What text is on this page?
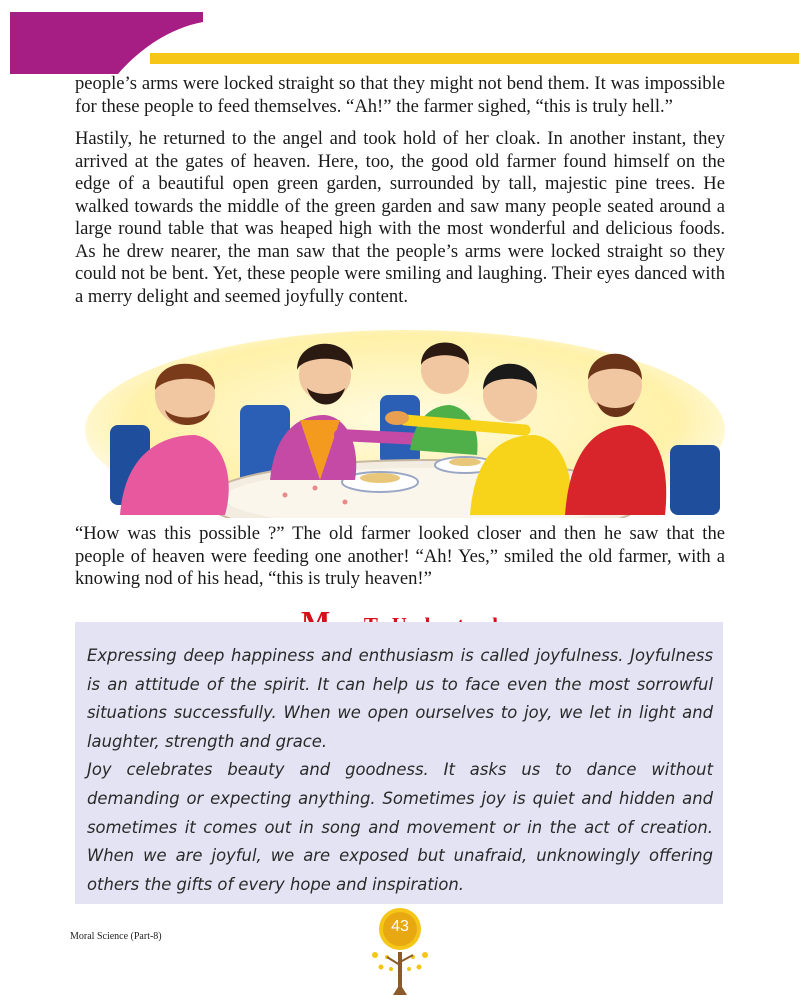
people’s arms were locked straight so that they might not bend them. It was impossible for these people to feed themselves. “Ah!” the farmer sighed, “this is truly hell.”

Hastily, he returned to the angel and took hold of her cloak. In another instant, they arrived at the gates of heaven. Here, too, the good old farmer found himself on the edge of a beautiful open green garden, surrounded by tall, majestic pine trees. He walked towards the middle of the green garden and saw many people seated around a large round table that was heaped high with the most wonderful and delicious foods. As he drew nearer, the man saw that the people’s arms were locked straight so they could not be bent. Yet, these people were smiling and laughing. Their eyes danced with a merry delight and seemed joyfully content.

“How was this possible ?” The old farmer looked closer and then he saw that the people of heaven were feeding one another! “Ah! Yes,” smiled the old farmer, with a knowing nod of his head, “this is truly heaven!”

Expressing deep happiness and enthusiasm is called joyfulness. Joyfulness is an attitude of the spirit. It can help us to face even the most sorrowful situations successfully. When we open ourselves to joy, we let in light and laughter, strength and grace.

Joy celebrates beauty and goodness. It asks us to dance without demanding or expecting anything. Sometimes joy is quiet and hidden and sometimes it comes out in song and movement or in the act of creation. When we are joyful, we are exposed but unafraid, unknowingly offering others the gifts of every hope and inspiration.

Moral Science (Part-8)
43
